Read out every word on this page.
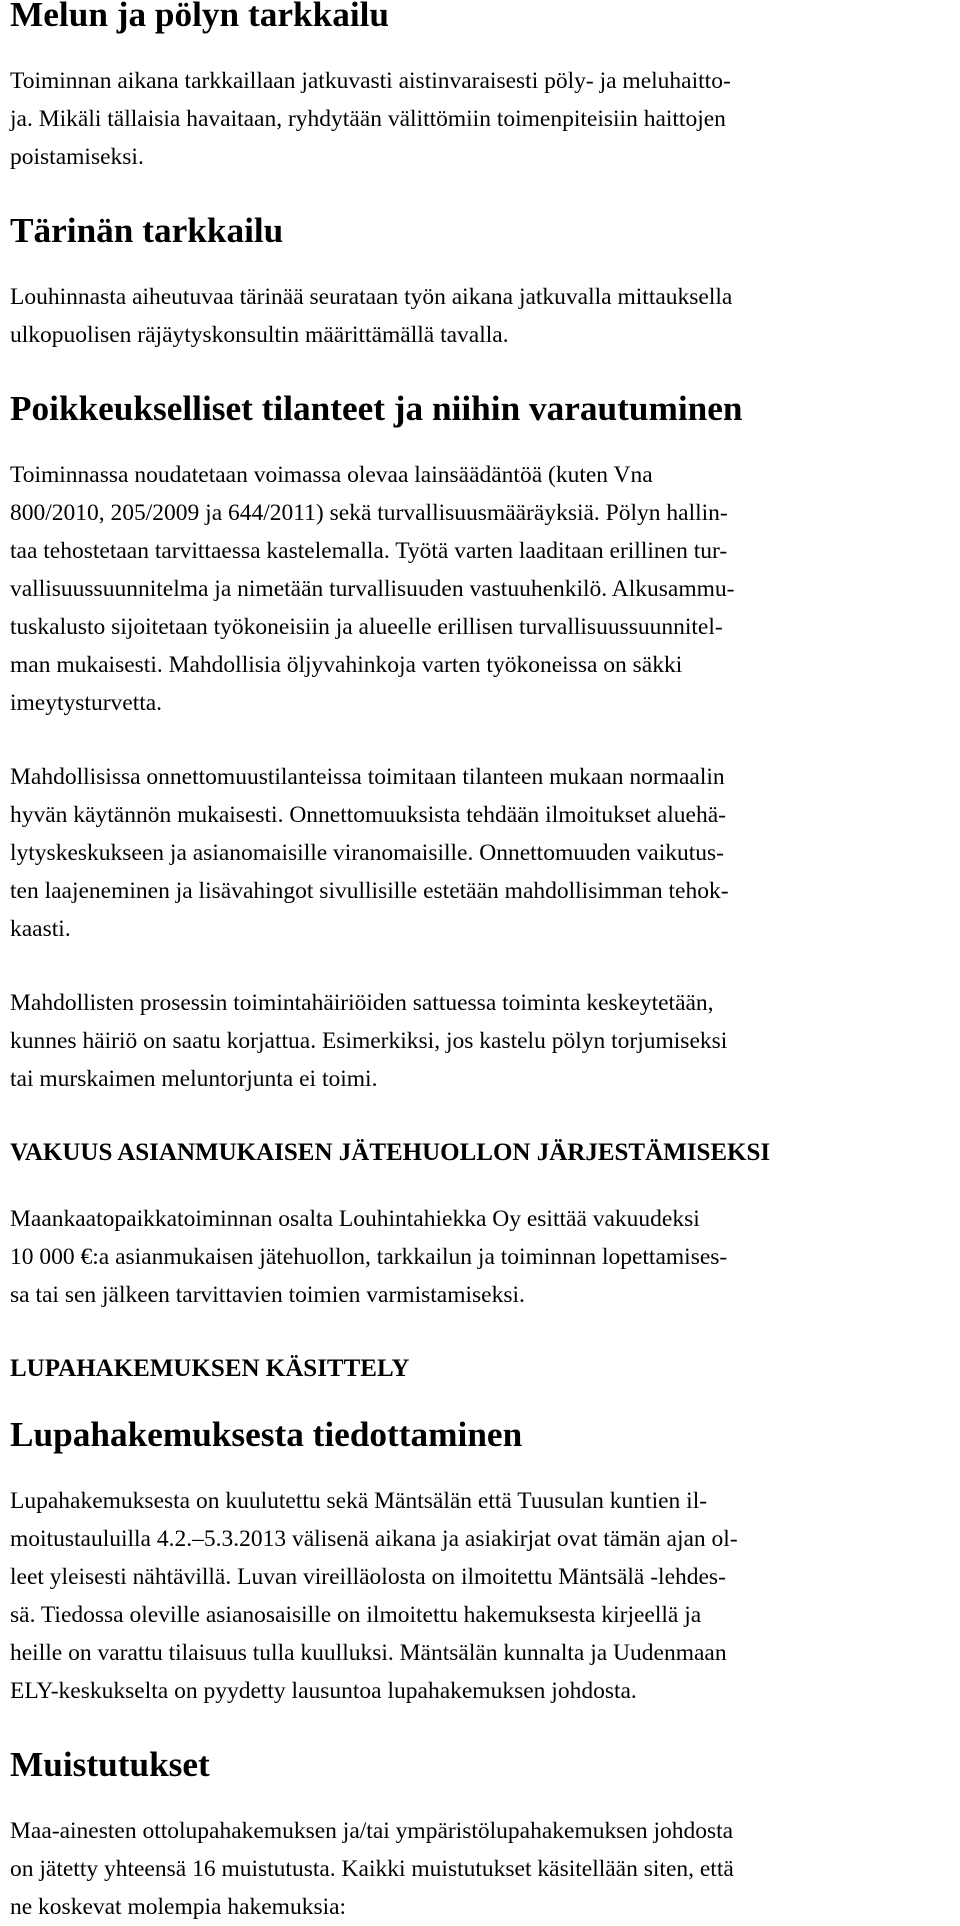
Melun ja pölyn tarkkailu

Toiminnan aikana tarkkaillaan jatkuvasti aistinvaraisesti pöly- ja meluhaitto-
ja. Mikäli tällaisia havaitaan, ryhdytään välittömiin toimenpiteisiin haittojen
poistamiseksi.

Tärinän tarkkailu

Louhinnasta aiheutuvaa tärinää seurataan työn aikana jatkuvalla mittauksella
ulkopuolisen räjäytyskonsultin määrittämällä tavalla.

Poikkeukselliset tilanteet ja niihin varautuminen

Toiminnassa noudatetaan voimassa olevaa lainsäädäntöä (kuten Vna
800/2010, 205/2009 ja 644/2011) sekä turvallisuusmääräyksiä. Pölyn hallin-
taa tehostetaan tarvittaessa kastelemalla. Työtä varten laaditaan erillinen tur-
vallisuussuunnitelma ja nimetään turvallisuuden vastuuhenkilö. Alkusammu-
tuskalusto sijoitetaan työkoneisiin ja alueelle erillisen turvallisuussuunnitel-
man mukaisesti. Mahdollisia öljyvahinkoja varten työkoneissa on säkki
imeytysturvetta.

Mahdollisissa onnettomuustilanteissa toimitaan tilanteen mukaan normaalin
hyvän käytännön mukaisesti. Onnettomuuksista tehdään ilmoitukset aluehä-
lytyskeskukseen ja asianomaisille viranomaisille. Onnettomuuden vaikutus-
ten laajeneminen ja lisävahingot sivullisille estetään mahdollisimman tehok-
kaasti.

Mahdollisten prosessin toimintahäiriöiden sattuessa toiminta keskeytetään,
kunnes häiriö on saatu korjattua. Esimerkiksi, jos kastelu pölyn torjumiseksi
tai murskaimen meluntorjunta ei toimi.

VAKUUS ASIANMUKAISEN JÄTEHUOLLON JÄRJESTÄMISEKSI

Maankaatopaikkatoiminnan osalta Louhintahiekka Oy esittää vakuudeksi
10 000 €:a asianmukaisen jätehuollon, tarkkailun ja toiminnan lopettamises-
sa tai sen jälkeen tarvittavien toimien varmistamiseksi.

LUPAHAKEMUKSEN KÄSITTELY
Lupahakemuksesta tiedottaminen

Lupahakemuksesta on kuulutettu sekä Mäntsälän että Tuusulan kuntien il-
moitustauluilla 4.2.–5.3.2013 välisenä aikana ja asiakirjat ovat tämän ajan ol-
leet yleisesti nähtävillä. Luvan vireilläolosta on ilmoitettu Mäntsälä -lehdes-
sä. Tiedossa oleville asianosaisille on ilmoitettu hakemuksesta kirjeellä ja
heille on varattu tilaisuus tulla kuulluksi. Mäntsälän kunnalta ja Uudenmaan
ELY-keskukselta on pyydetty lausuntoa lupahakemuksen johdosta.

Muistutukset

Maa-ainesten ottolupahakemuksen ja/tai ympäristölupahakemuksen johdosta
on jätetty yhteensä 16 muistutusta. Kaikki muistutukset käsitellään siten, että
ne koskevat molempia hakemuksia:
